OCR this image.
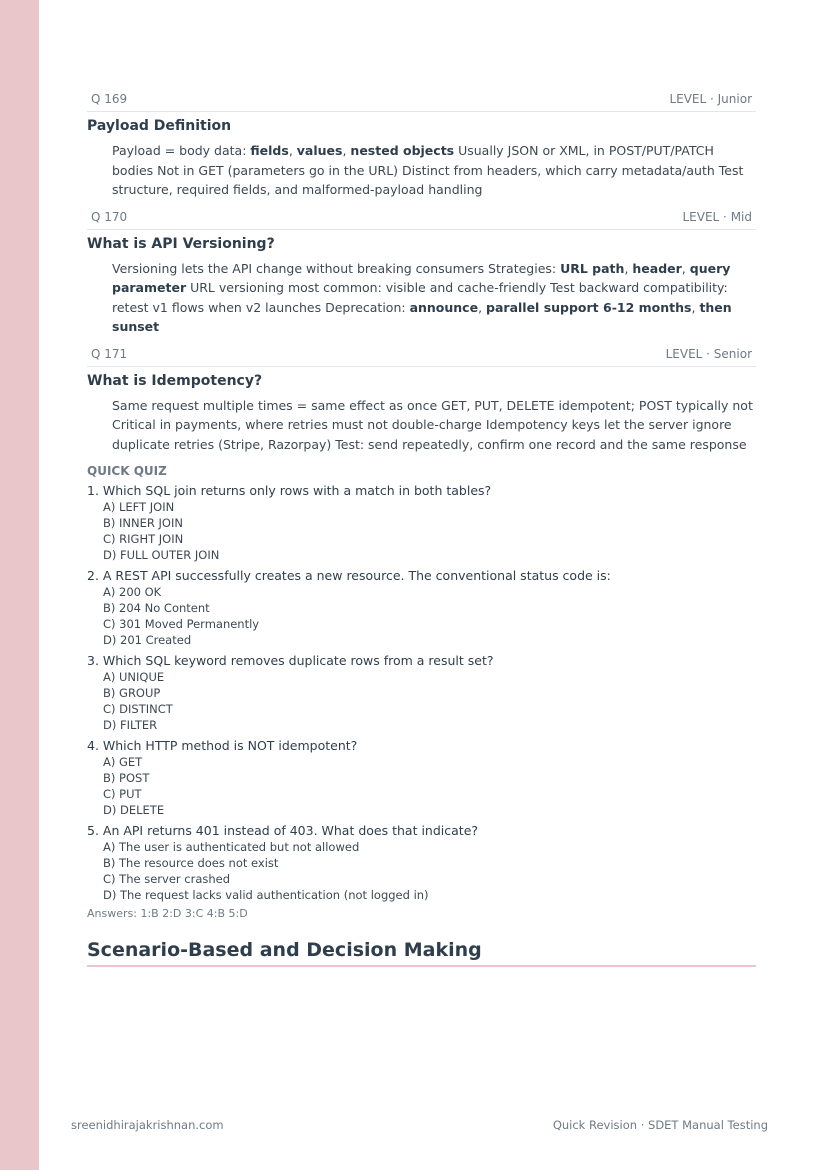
Q 169	LEVEL · Junior
Payload Definition
Payload = body data: fields, values, nested objects Usually JSON or XML, in POST/PUT/PATCH bodies Not in GET (parameters go in the URL) Distinct from headers, which carry metadata/auth Test structure, required fields, and malformed-payload handling
Q 170	LEVEL · Mid
What is API Versioning?
Versioning lets the API change without breaking consumers Strategies: URL path, header, query parameter URL versioning most common: visible and cache-friendly Test backward compatibility: retest v1 flows when v2 launches Deprecation: announce, parallel support 6-12 months, then sunset
Q 171	LEVEL · Senior
What is Idempotency?
Same request multiple times = same effect as once GET, PUT, DELETE idempotent; POST typically not Critical in payments, where retries must not double-charge Idempotency keys let the server ignore duplicate retries (Stripe, Razorpay) Test: send repeatedly, confirm one record and the same response
QUICK QUIZ
1. Which SQL join returns only rows with a match in both tables?
A) LEFT JOIN
B) INNER JOIN
C) RIGHT JOIN
D) FULL OUTER JOIN
2. A REST API successfully creates a new resource. The conventional status code is:
A) 200 OK
B) 204 No Content
C) 301 Moved Permanently
D) 201 Created
3. Which SQL keyword removes duplicate rows from a result set?
A) UNIQUE
B) GROUP
C) DISTINCT
D) FILTER
4. Which HTTP method is NOT idempotent?
A) GET
B) POST
C) PUT
D) DELETE
5. An API returns 401 instead of 403. What does that indicate?
A) The user is authenticated but not allowed
B) The resource does not exist
C) The server crashed
D) The request lacks valid authentication (not logged in)
Answers: 1:B 2:D 3:C 4:B 5:D
Scenario-Based and Decision Making
sreenidhirajakrishnan.com	Quick Revision · SDET Manual Testing
